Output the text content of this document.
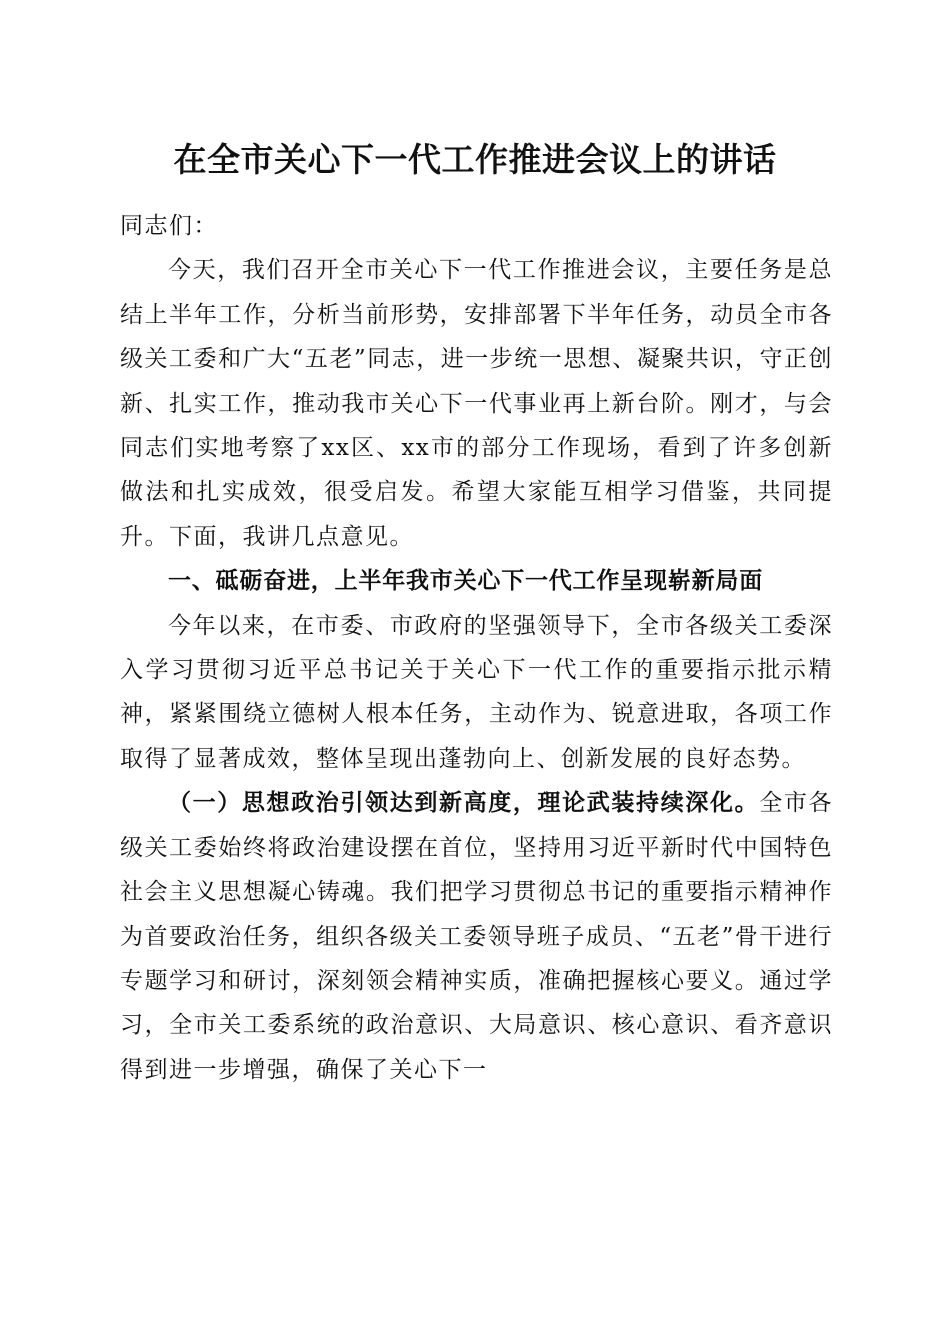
在全市关心下一代工作推进会议上的讲话

同志们：

今天，我们召开全市关心下一代工作推进会议，主要任务是总结上半年工作，分析当前形势，安排部署下半年任务，动员全市各级关工委和广大“五老”同志，进一步统一思想、凝聚共识，守正创新、扎实工作，推动我市关心下一代事业再上新台阶。刚才，与会同志们实地考察了xx区、xx市的部分工作现场，看到了许多创新做法和扎实成效，很受启发。希望大家能互相学习借鉴，共同提升。下面，我讲几点意见。

一、砥砺奋进，上半年我市关心下一代工作呈现崭新局面

今年以来，在市委、市政府的坚强领导下，全市各级关工委深入学习贯彻习近平总书记关于关心下一代工作的重要指示批示精神，紧紧围绕立德树人根本任务，主动作为、锐意进取，各项工作取得了显著成效，整体呈现出蓬勃向上、创新发展的良好态势。

（一）思想政治引领达到新高度，理论武装持续深化。全市各级关工委始终将政治建设摆在首位，坚持用习近平新时代中国特色社会主义思想凝心铸魂。我们把学习贯彻总书记的重要指示精神作为首要政治任务，组织各级关工委领导班子成员、“五老”骨干进行专题学习和研讨，深刻领会精神实质，准确把握核心要义。通过学习，全市关工委系统的政治意识、大局意识、核心意识、看齐意识得到进一步增强，确保了关心下一
